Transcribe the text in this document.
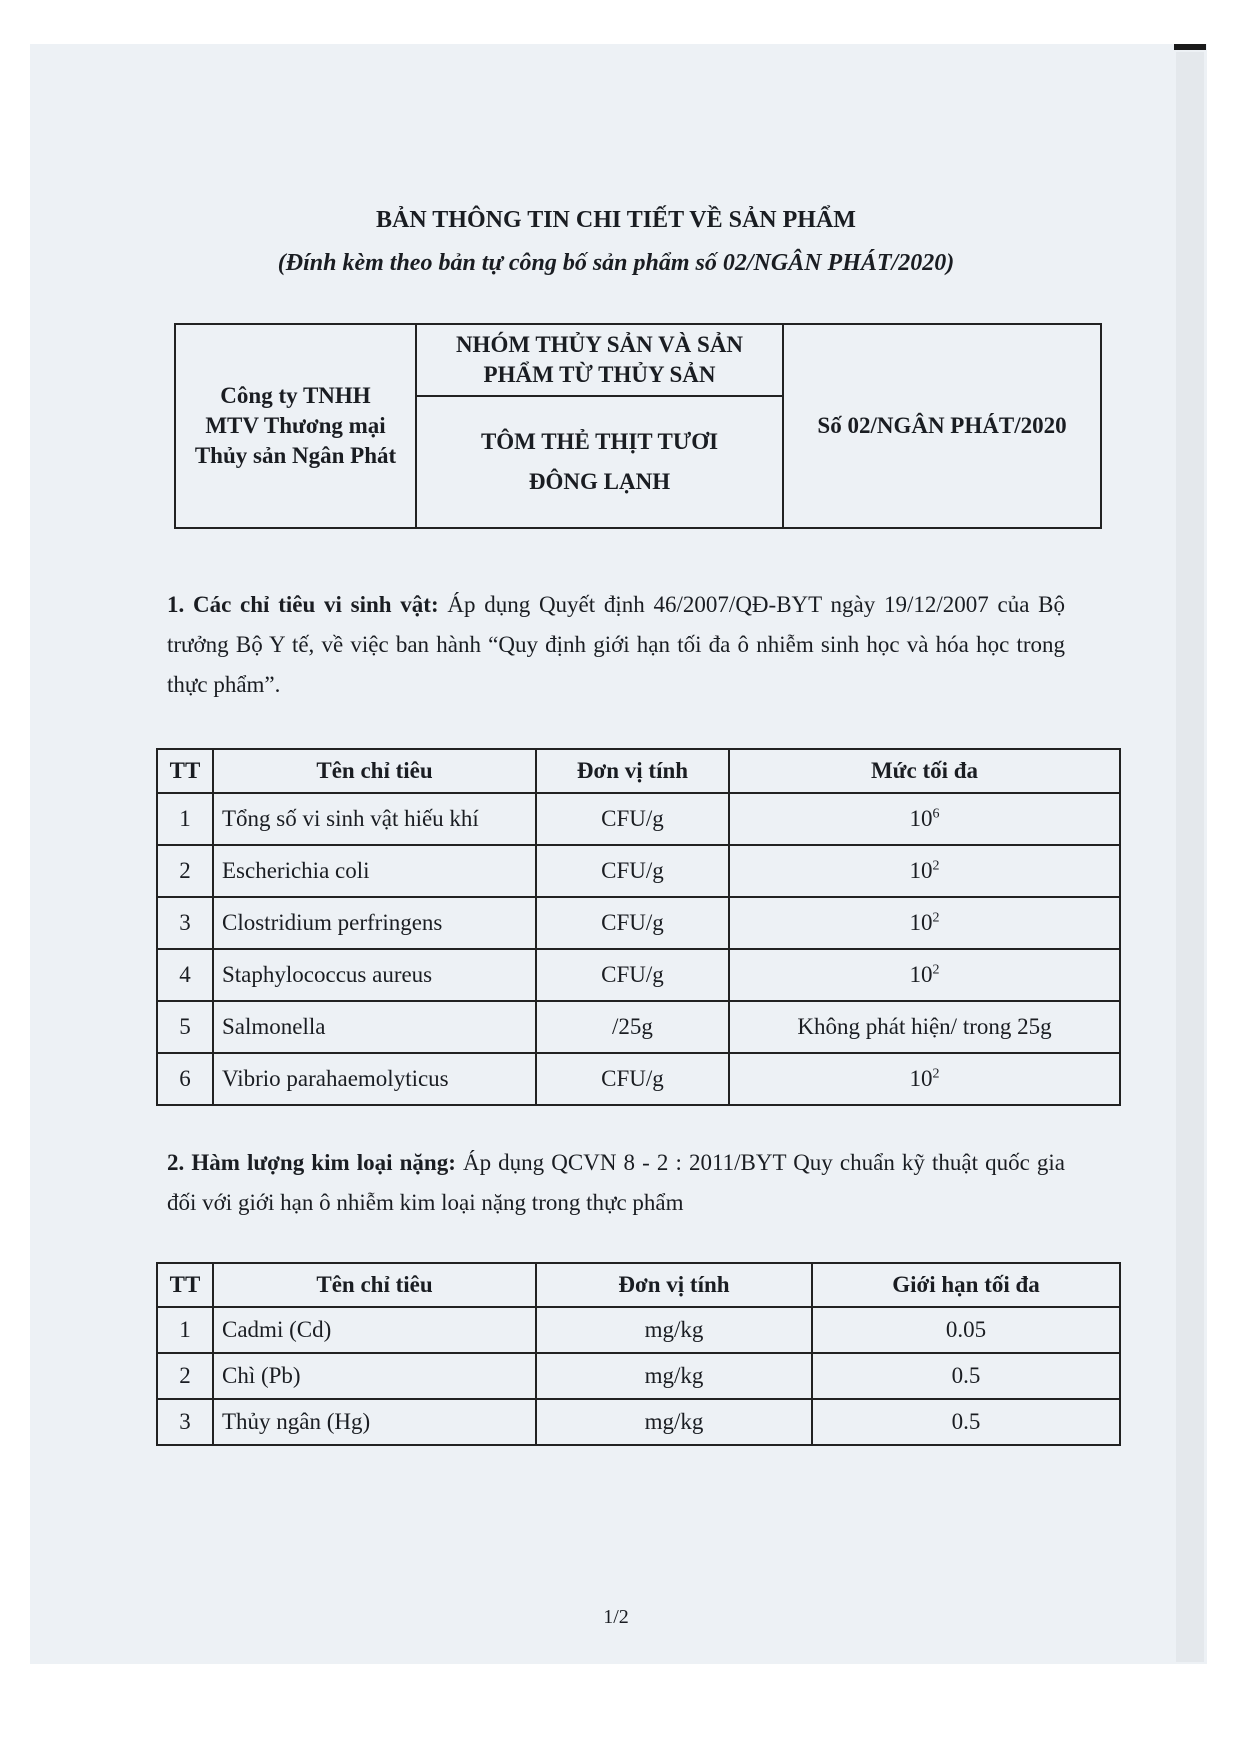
BẢN THÔNG TIN CHI TIẾT VỀ SẢN PHẨM
(Đính kèm theo bản tự công bố sản phẩm số 02/NGÂN PHÁT/2020)
Công ty TNHH
MTV Thương mại
Thủy sản Ngân Phát
NHÓM THỦY SẢN VÀ SẢN
PHẨM TỪ THỦY SẢN
TÔM THẺ THỊT TƯƠI
ĐÔNG LẠNH
Số 02/NGÂN PHÁT/2020
1. Các chỉ tiêu vi sinh vật: Áp dụng Quyết định 46/2007/QĐ-BYT ngày 19/12/2007 của Bộ trưởng Bộ Y tế, về việc ban hành “Quy định giới hạn tối đa ô nhiễm sinh học và hóa học trong thực phẩm”.
TT	Tên chỉ tiêu	Đơn vị tính	Mức tối đa
1	Tổng số vi sinh vật hiếu khí	CFU/g	$10^6$
2	Escherichia coli	CFU/g	$10^2$
3	Clostridium perfringens	CFU/g	$10^2$
4	Staphylococcus aureus	CFU/g	$10^2$
5	Salmonella	/25g	Không phát hiện/ trong 25g
6	Vibrio parahaemolyticus	CFU/g	$10^2$
2. Hàm lượng kim loại nặng: Áp dụng QCVN 8 - 2 : 2011/BYT Quy chuẩn kỹ thuật quốc gia đối với giới hạn ô nhiễm kim loại nặng trong thực phẩm
TT	Tên chỉ tiêu	Đơn vị tính	Giới hạn tối đa
1	Cadmi (Cd)	mg/kg	0.05
2	Chì (Pb)	mg/kg	0.5
3	Thủy ngân (Hg)	mg/kg	0.5
1/2
